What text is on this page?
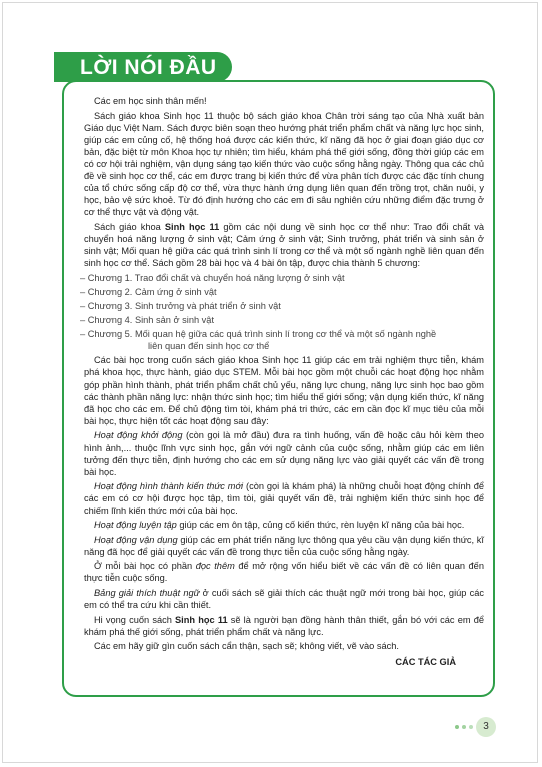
LỜI NÓI ĐẦU

Các em học sinh thân mến!

Sách giáo khoa Sinh học 11 thuộc bộ sách giáo khoa Chân trời sáng tạo của Nhà xuất bản Giáo dục Việt Nam. Sách được biên soạn theo hướng phát triển phẩm chất và năng lực học sinh, giúp các em củng cố, hệ thống hoá được các kiến thức, kĩ năng đã học ở giai đoạn giáo dục cơ bản, đặc biệt từ môn Khoa học tự nhiên; tìm hiểu, khám phá thế giới sống, đồng thời giúp các em có cơ hội trải nghiệm, vận dụng sáng tạo kiến thức vào cuộc sống hằng ngày. Thông qua các chủ đề về sinh học cơ thể, các em được trang bị kiến thức để vừa phân tích được các đặc tính chung của tổ chức sống cấp độ cơ thể, vừa thực hành ứng dụng liên quan đến trồng trọt, chăn nuôi, y học, bảo vệ sức khoẻ. Từ đó định hướng cho các em đi sâu nghiên cứu những điểm đặc trưng ở cơ thể thực vật và động vật.

Sách giáo khoa Sinh học 11 gồm các nội dung về sinh học cơ thể như: Trao đổi chất và chuyển hoá năng lượng ở sinh vật; Cảm ứng ở sinh vật; Sinh trưởng, phát triển và sinh sản ở sinh vật; Mối quan hệ giữa các quá trình sinh lí trong cơ thể và một số ngành nghề liên quan đến sinh học cơ thể. Sách gồm 28 bài học và 4 bài ôn tập, được chia thành 5 chương:

– Chương 1. Trao đổi chất và chuyển hoá năng lượng ở sinh vật
– Chương 2. Cảm ứng ở sinh vật
– Chương 3. Sinh trưởng và phát triển ở sinh vật
– Chương 4. Sinh sản ở sinh vật
– Chương 5. Mối quan hệ giữa các quá trình sinh lí trong cơ thể và một số ngành nghề
liên quan đến sinh học cơ thể

Các bài học trong cuốn sách giáo khoa Sinh học 11 giúp các em trải nghiệm thực tiễn, khám phá khoa học, thực hành, giáo dục STEM. Mỗi bài học gồm một chuỗi các hoạt động học nhằm góp phần hình thành, phát triển phẩm chất chủ yếu, năng lực chung, năng lực sinh học bao gồm các thành phần năng lực: nhận thức sinh học; tìm hiểu thế giới sống; vận dụng kiến thức, kĩ năng đã học cho các em. Để chủ động tìm tòi, khám phá tri thức, các em cần đọc kĩ mục tiêu của mỗi bài học, thực hiện tốt các hoạt động sau đây:

Hoạt động khởi động (còn gọi là mở đầu) đưa ra tình huống, vấn đề hoặc câu hỏi kèm theo hình ảnh,... thuộc lĩnh vực sinh học, gắn với ngữ cảnh của cuộc sống, nhằm giúp các em liên tưởng đến thực tiễn, định hướng cho các em sử dụng năng lực vào giải quyết các vấn đề trong bài học.

Hoạt động hình thành kiến thức mới (còn gọi là khám phá) là những chuỗi hoạt động chính để các em có cơ hội được học tập, tìm tòi, giải quyết vấn đề, trải nghiệm kiến thức sinh học để chiếm lĩnh kiến thức mới của bài học.

Hoạt động luyện tập giúp các em ôn tập, củng cố kiến thức, rèn luyện kĩ năng của bài học.

Hoạt động vận dụng giúp các em phát triển năng lực thông qua yêu cầu vận dụng kiến thức, kĩ năng đã học để giải quyết các vấn đề trong thực tiễn của cuộc sống hằng ngày.

Ở mỗi bài học có phần đọc thêm để mở rộng vốn hiểu biết về các vấn đề có liên quan đến thực tiễn cuộc sống.

Bảng giải thích thuật ngữ ở cuối sách sẽ giải thích các thuật ngữ mới trong bài học, giúp các em có thể tra cứu khi cần thiết.

Hi vọng cuốn sách Sinh học 11 sẽ là người bạn đồng hành thân thiết, gắn bó với các em để khám phá thế giới sống, phát triển phẩm chất và năng lực.

Các em hãy giữ gìn cuốn sách cẩn thận, sạch sẽ; không viết, vẽ vào sách.

CÁC TÁC GIẢ
3
